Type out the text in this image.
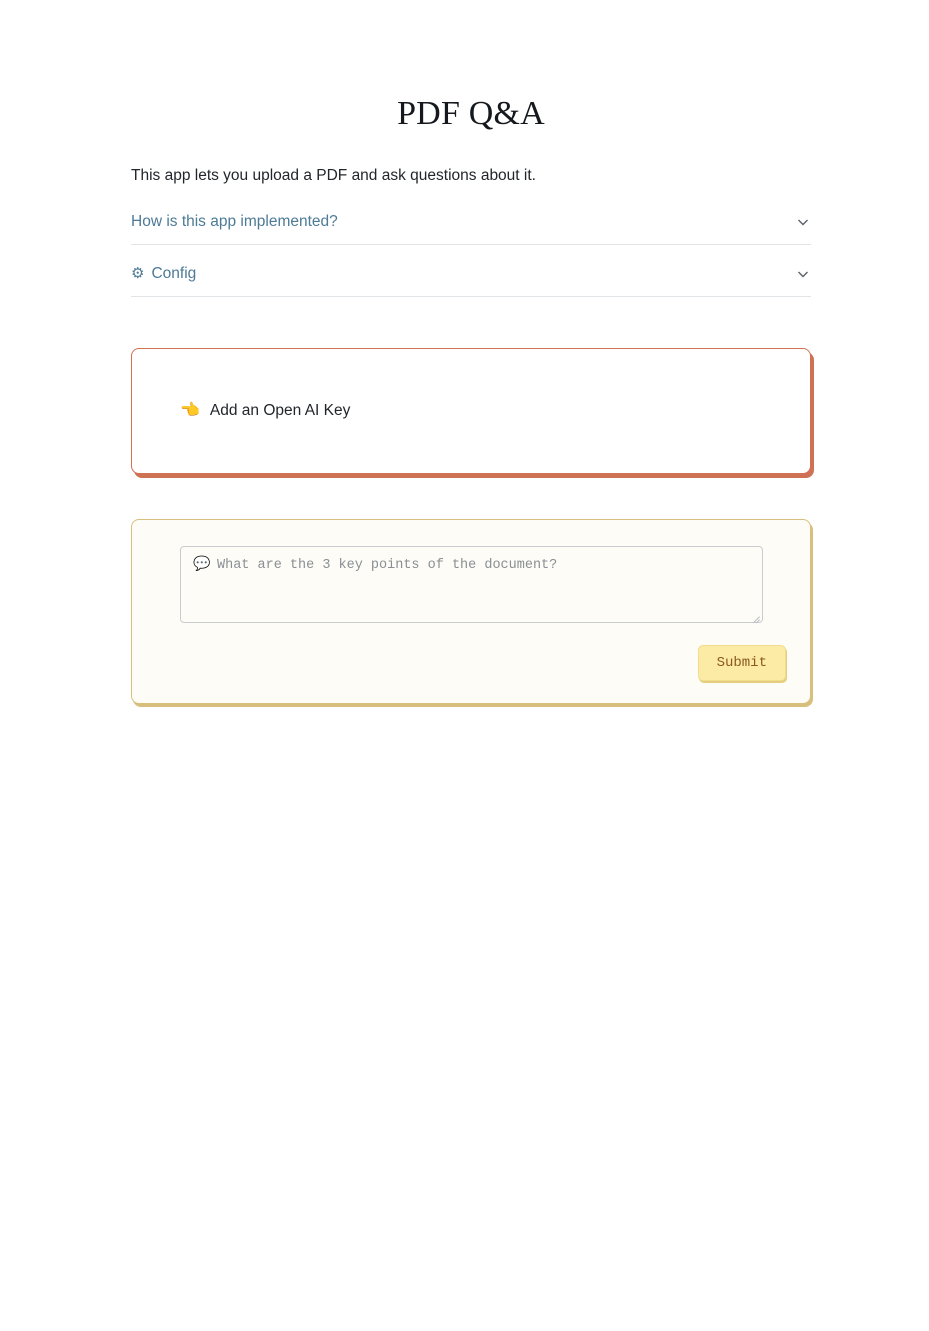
PDF Q&A
This app lets you upload a PDF and ask questions about it.
How is this app implemented?
⚙ Config
👈 Add an Open AI Key
💬 What are the 3 key points of the document?
Submit
